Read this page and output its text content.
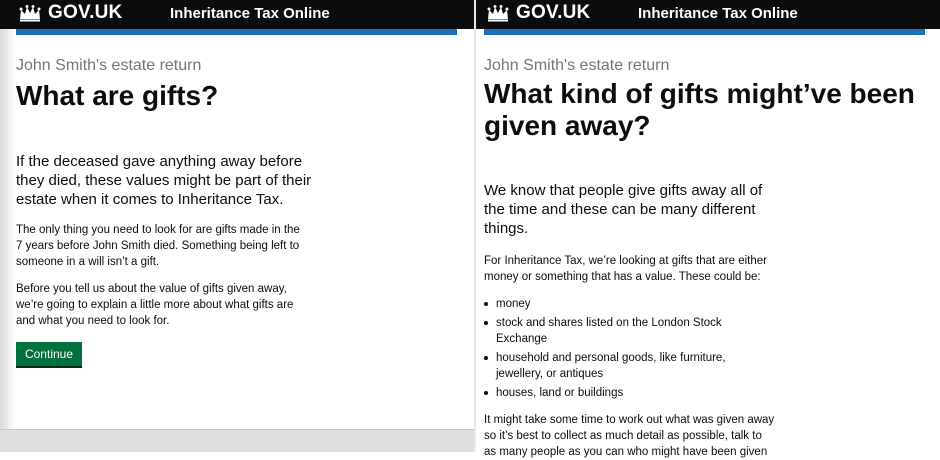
GOV.UK	Inheritance Tax Online

John Smith's estate return

What are gifts?
If the deceased gave anything away before
they died, these values might be part of their
estate when it comes to Inheritance Tax.
The only thing you need to look for are gifts made in the
7 years before John Smith died. Something being left to
someone in a will isn’t a gift.
Before you tell us about the value of gifts given away,
we’re going to explain a little more about what gifts are
and what you need to look for.
Continue
GOV.UK	Inheritance Tax Online

John Smith's estate return

What kind of gifts might’ve been
given away?
We know that people give gifts away all of
the time and these can be many different
things.
For Inheritance Tax, we’re looking at gifts that are either
money or something that has a value. These could be:
money
stock and shares listed on the London Stock
Exchange
household and personal goods, like furniture,
jewellery, or antiques
houses, land or buildings
It might take some time to work out what was given away
so it’s best to collect as much detail as possible, talk to
as many people as you can who might have been given
